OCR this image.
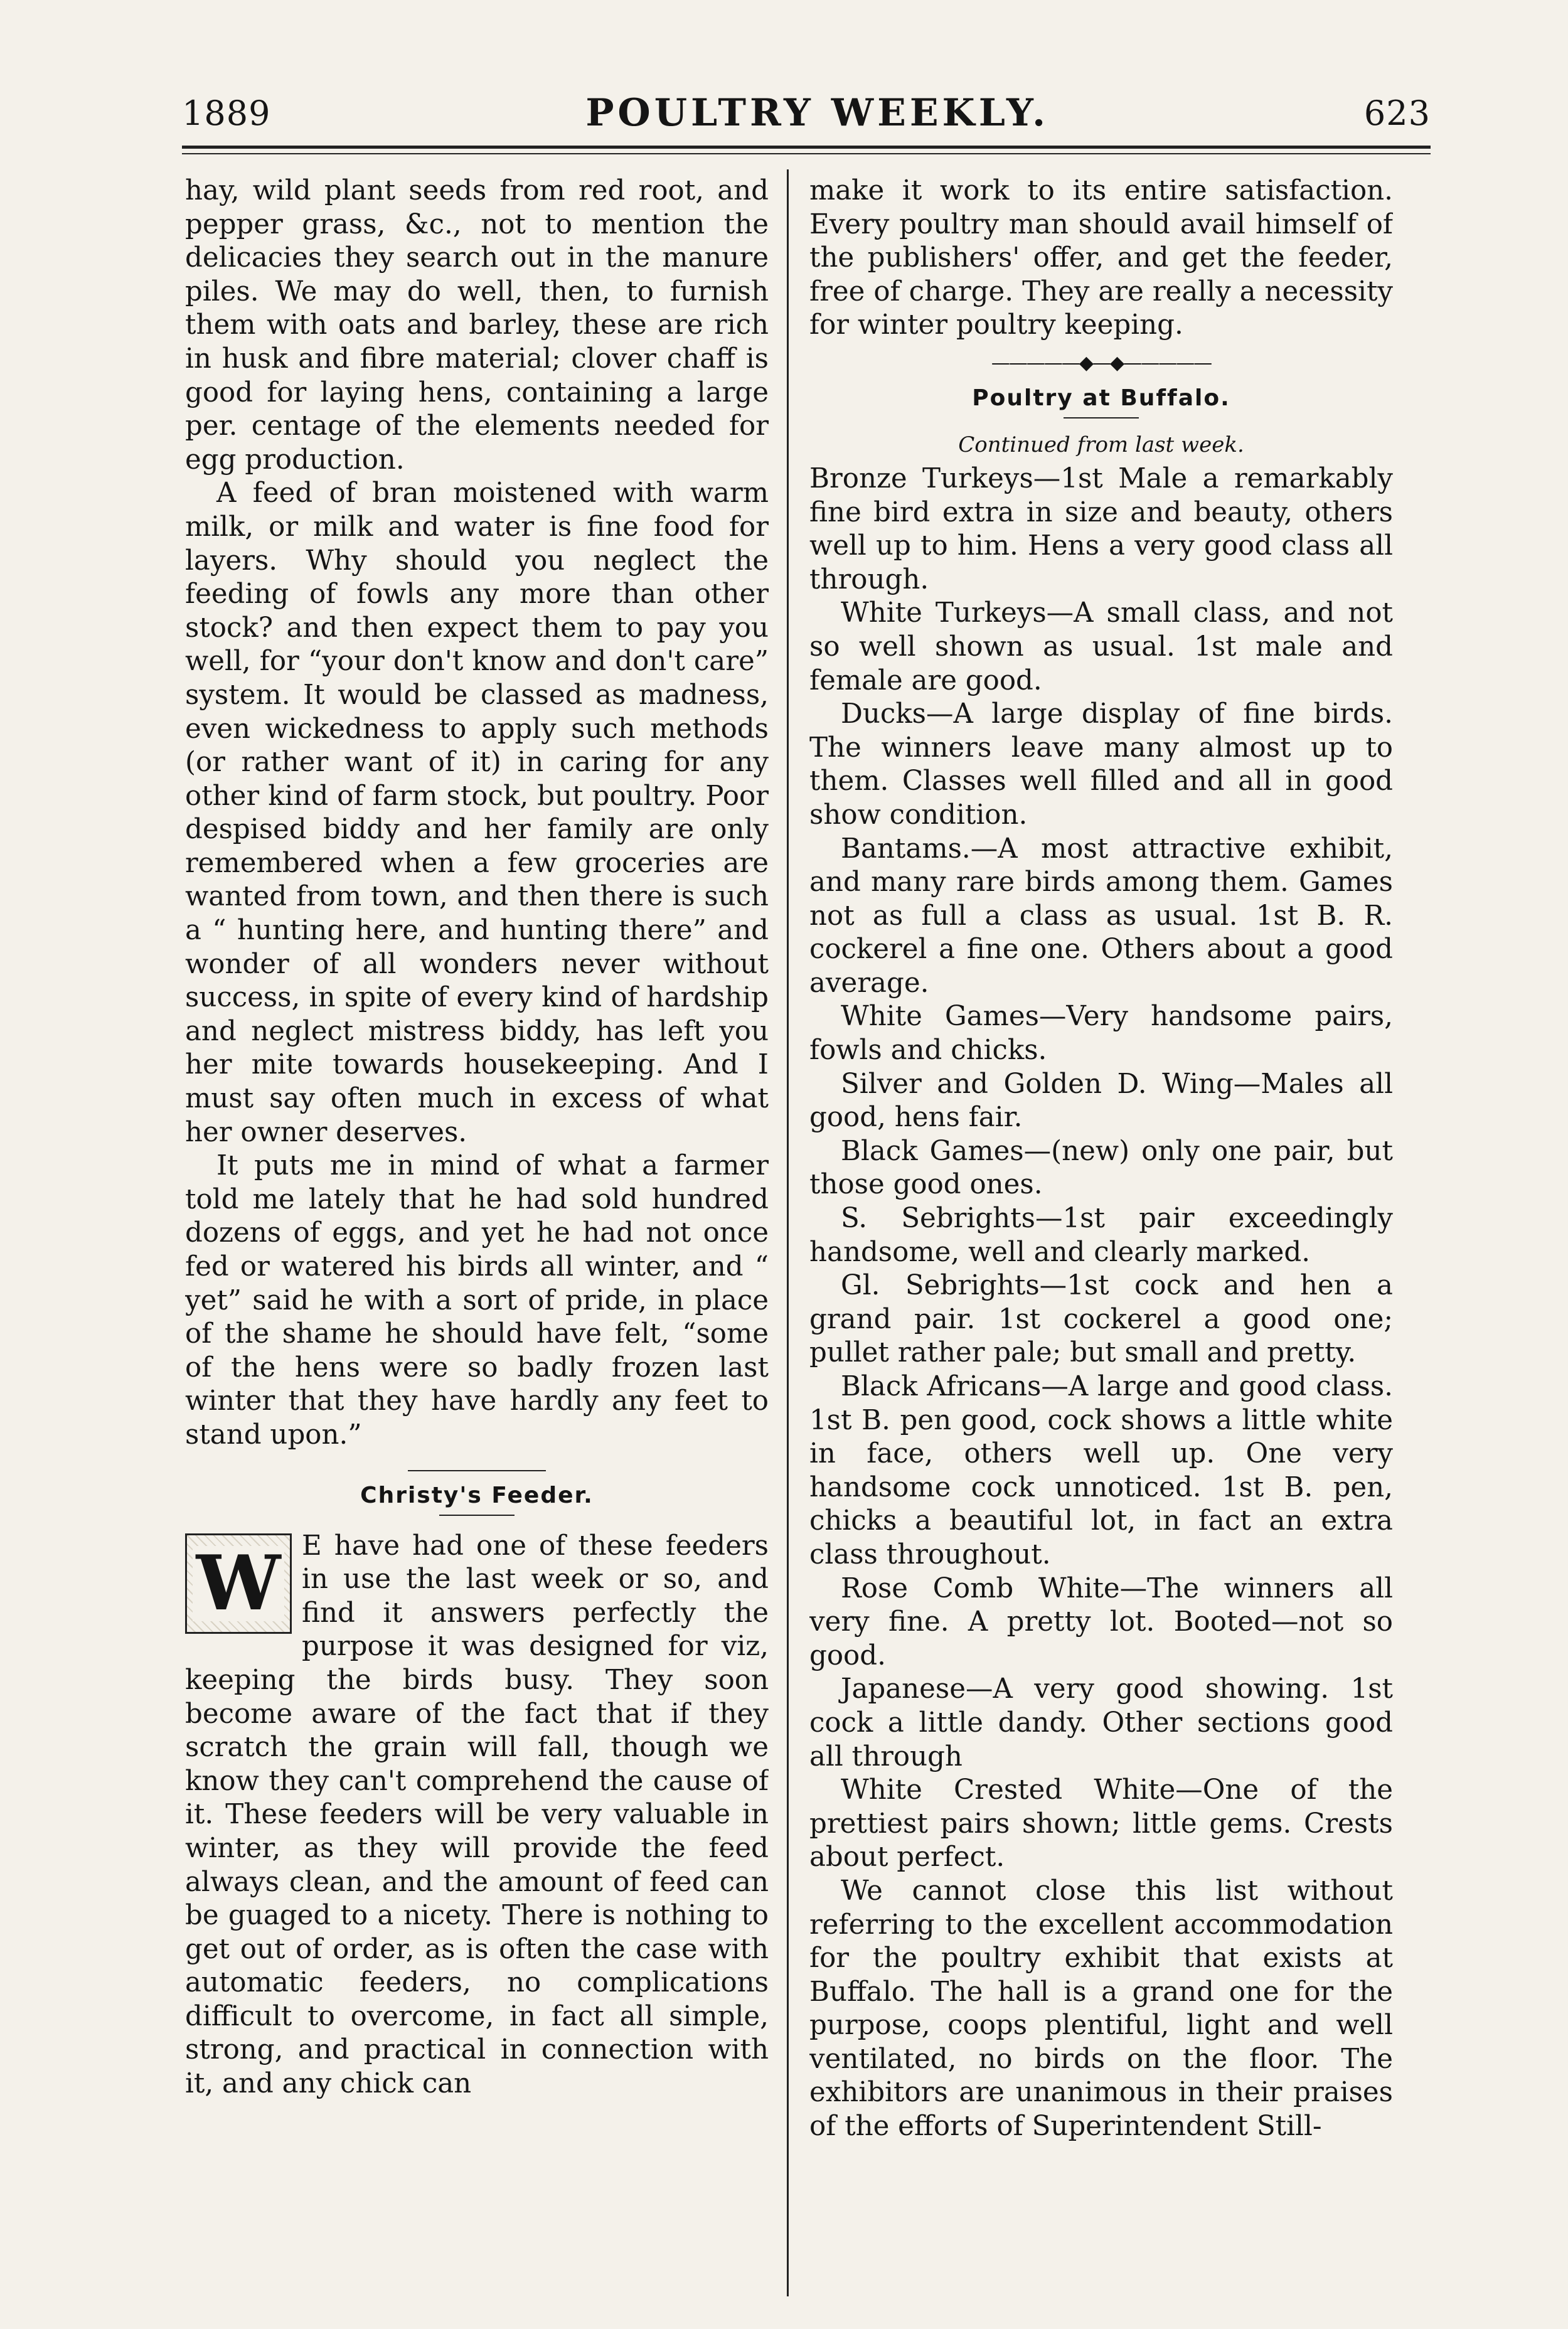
1889	POULTRY WEEKLY.	623

hay, wild plant seeds from red root, and pepper grass, &c., not to mention the delicacies they search out in the manure piles. We may do well, then, to furnish them with oats and barley, these are rich in husk and fibre material; clover chaff is good for laying hens, containing a large per. centage of the elements needed for egg production.

A feed of bran moistened with warm milk, or milk and water is fine food for layers. Why should you neglect the feeding of fowls any more than other stock? and then expect them to pay you well, for “your don't know and don't care” system. It would be classed as madness, even wickedness to apply such methods (or rather want of it) in caring for any other kind of farm stock, but poultry. Poor despised biddy and her family are only remembered when a few groceries are wanted from town, and then there is such a “ hunting here, and hunting there” and wonder of all wonders never without success, in spite of every kind of hardship and neglect mistress biddy, has left you her mite towards housekeeping. And I must say often much in excess of what her owner deserves.

It puts me in mind of what a farmer told me lately that he had sold hundred dozens of eggs, and yet he had not once fed or watered his birds all winter, and “ yet” said he with a sort of pride, in place of the shame he should have felt, “some of the hens were so badly frozen last winter that they have hardly any feet to stand upon.”

Christy's Feeder.
W E have had one of these feeders in use the last week or so, and find it answers perfectly the purpose it was designed for viz, keeping the birds busy. They soon become aware of the fact that if they scratch the grain will fall, though we know they can't comprehend the cause of it. These feeders will be very valuable in winter, as they will provide the feed always clean, and the amount of feed can be guaged to a nicety. There is nothing to get out of order, as is often the case with automatic feeders, no complications difficult to overcome, in fact all simple, strong, and practical in connection with it, and any chick can

make it work to its entire satisfaction. Every poultry man should avail himself of the publishers' offer, and get the feeder, free of charge. They are really a necessity for winter poultry keeping.

—————◆—◆—————
Poultry at Buffalo.
Continued from last week.

Bronze Turkeys—1st Male a remarkably fine bird extra in size and beauty, others well up to him. Hens a very good class all through.

White Turkeys—A small class, and not so well shown as usual. 1st male and female are good.

Ducks—A large display of fine birds. The winners leave many almost up to them. Classes well filled and all in good show condition.

Bantams.—A most attractive exhibit, and many rare birds among them. Games not as full a class as usual. 1st B. R. cockerel a fine one. Others about a good average.

White Games—Very handsome pairs, fowls and chicks.

Silver and Golden D. Wing—Males all good, hens fair.

Black Games—(new) only one pair, but those good ones.

S. Sebrights—1st pair exceedingly handsome, well and clearly marked.

Gl. Sebrights—1st cock and hen a grand pair. 1st cockerel a good one; pullet rather pale; but small and pretty.

Black Africans—A large and good class. 1st B. pen good, cock shows a little white in face, others well up. One very handsome cock unnoticed. 1st B. pen, chicks a beautiful lot, in fact an extra class throughout.

Rose Comb White—The winners all very fine. A pretty lot. Booted—not so good.

Japanese—A very good showing. 1st cock a little dandy. Other sections good all through

White Crested White—One of the prettiest pairs shown; little gems. Crests about perfect.

We cannot close this list without referring to the excellent accommodation for the poultry exhibit that exists at Buffalo. The hall is a grand one for the purpose, coops plentiful, light and well ventilated, no birds on the floor. The exhibitors are unanimous in their praises of the efforts of Superintendent Still-
